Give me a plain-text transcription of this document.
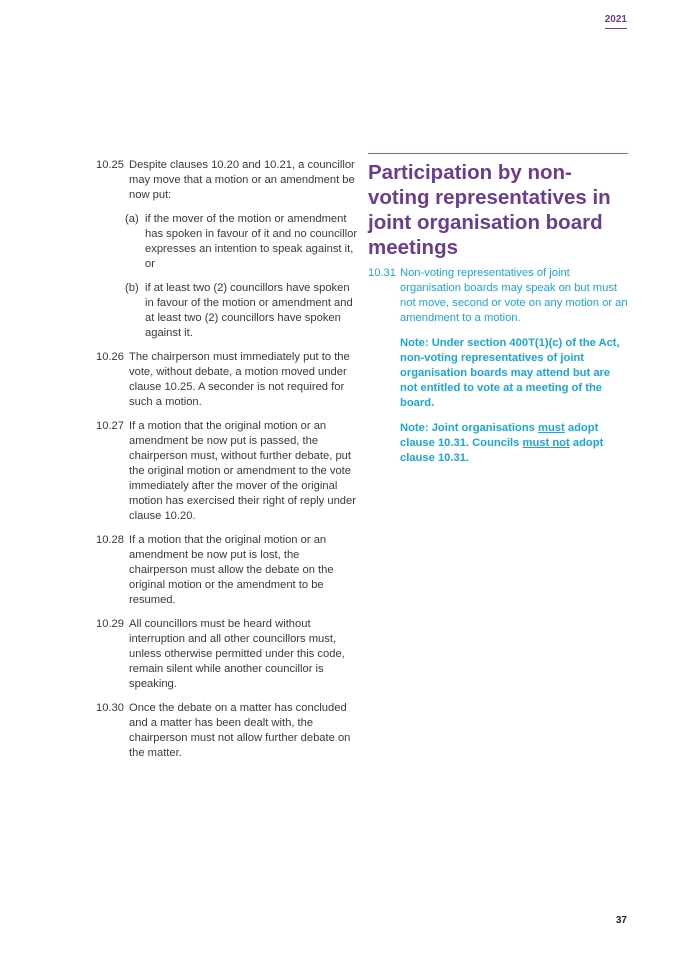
2021
10.25 Despite clauses 10.20 and 10.21, a councillor may move that a motion or an amendment be now put:
(a) if the mover of the motion or amendment has spoken in favour of it and no councillor expresses an intention to speak against it, or
(b) if at least two (2) councillors have spoken in favour of the motion or amendment and at least two (2) councillors have spoken against it.
10.26 The chairperson must immediately put to the vote, without debate, a motion moved under clause 10.25. A seconder is not required for such a motion.
10.27 If a motion that the original motion or an amendment be now put is passed, the chairperson must, without further debate, put the original motion or amendment to the vote immediately after the mover of the original motion has exercised their right of reply under clause 10.20.
10.28 If a motion that the original motion or an amendment be now put is lost, the chairperson must allow the debate on the original motion or the amendment to be resumed.
10.29 All councillors must be heard without interruption and all other councillors must, unless otherwise permitted under this code, remain silent while another councillor is speaking.
10.30 Once the debate on a matter has concluded and a matter has been dealt with, the chairperson must not allow further debate on the matter.
Participation by non-voting representatives in joint organisation board meetings
10.31 Non-voting representatives of joint organisation boards may speak on but must not move, second or vote on any motion or an amendment to a motion.
Note: Under section 400T(1)(c) of the Act, non-voting representatives of joint organisation boards may attend but are not entitled to vote at a meeting of the board.
Note: Joint organisations must adopt clause 10.31. Councils must not adopt clause 10.31.
37
